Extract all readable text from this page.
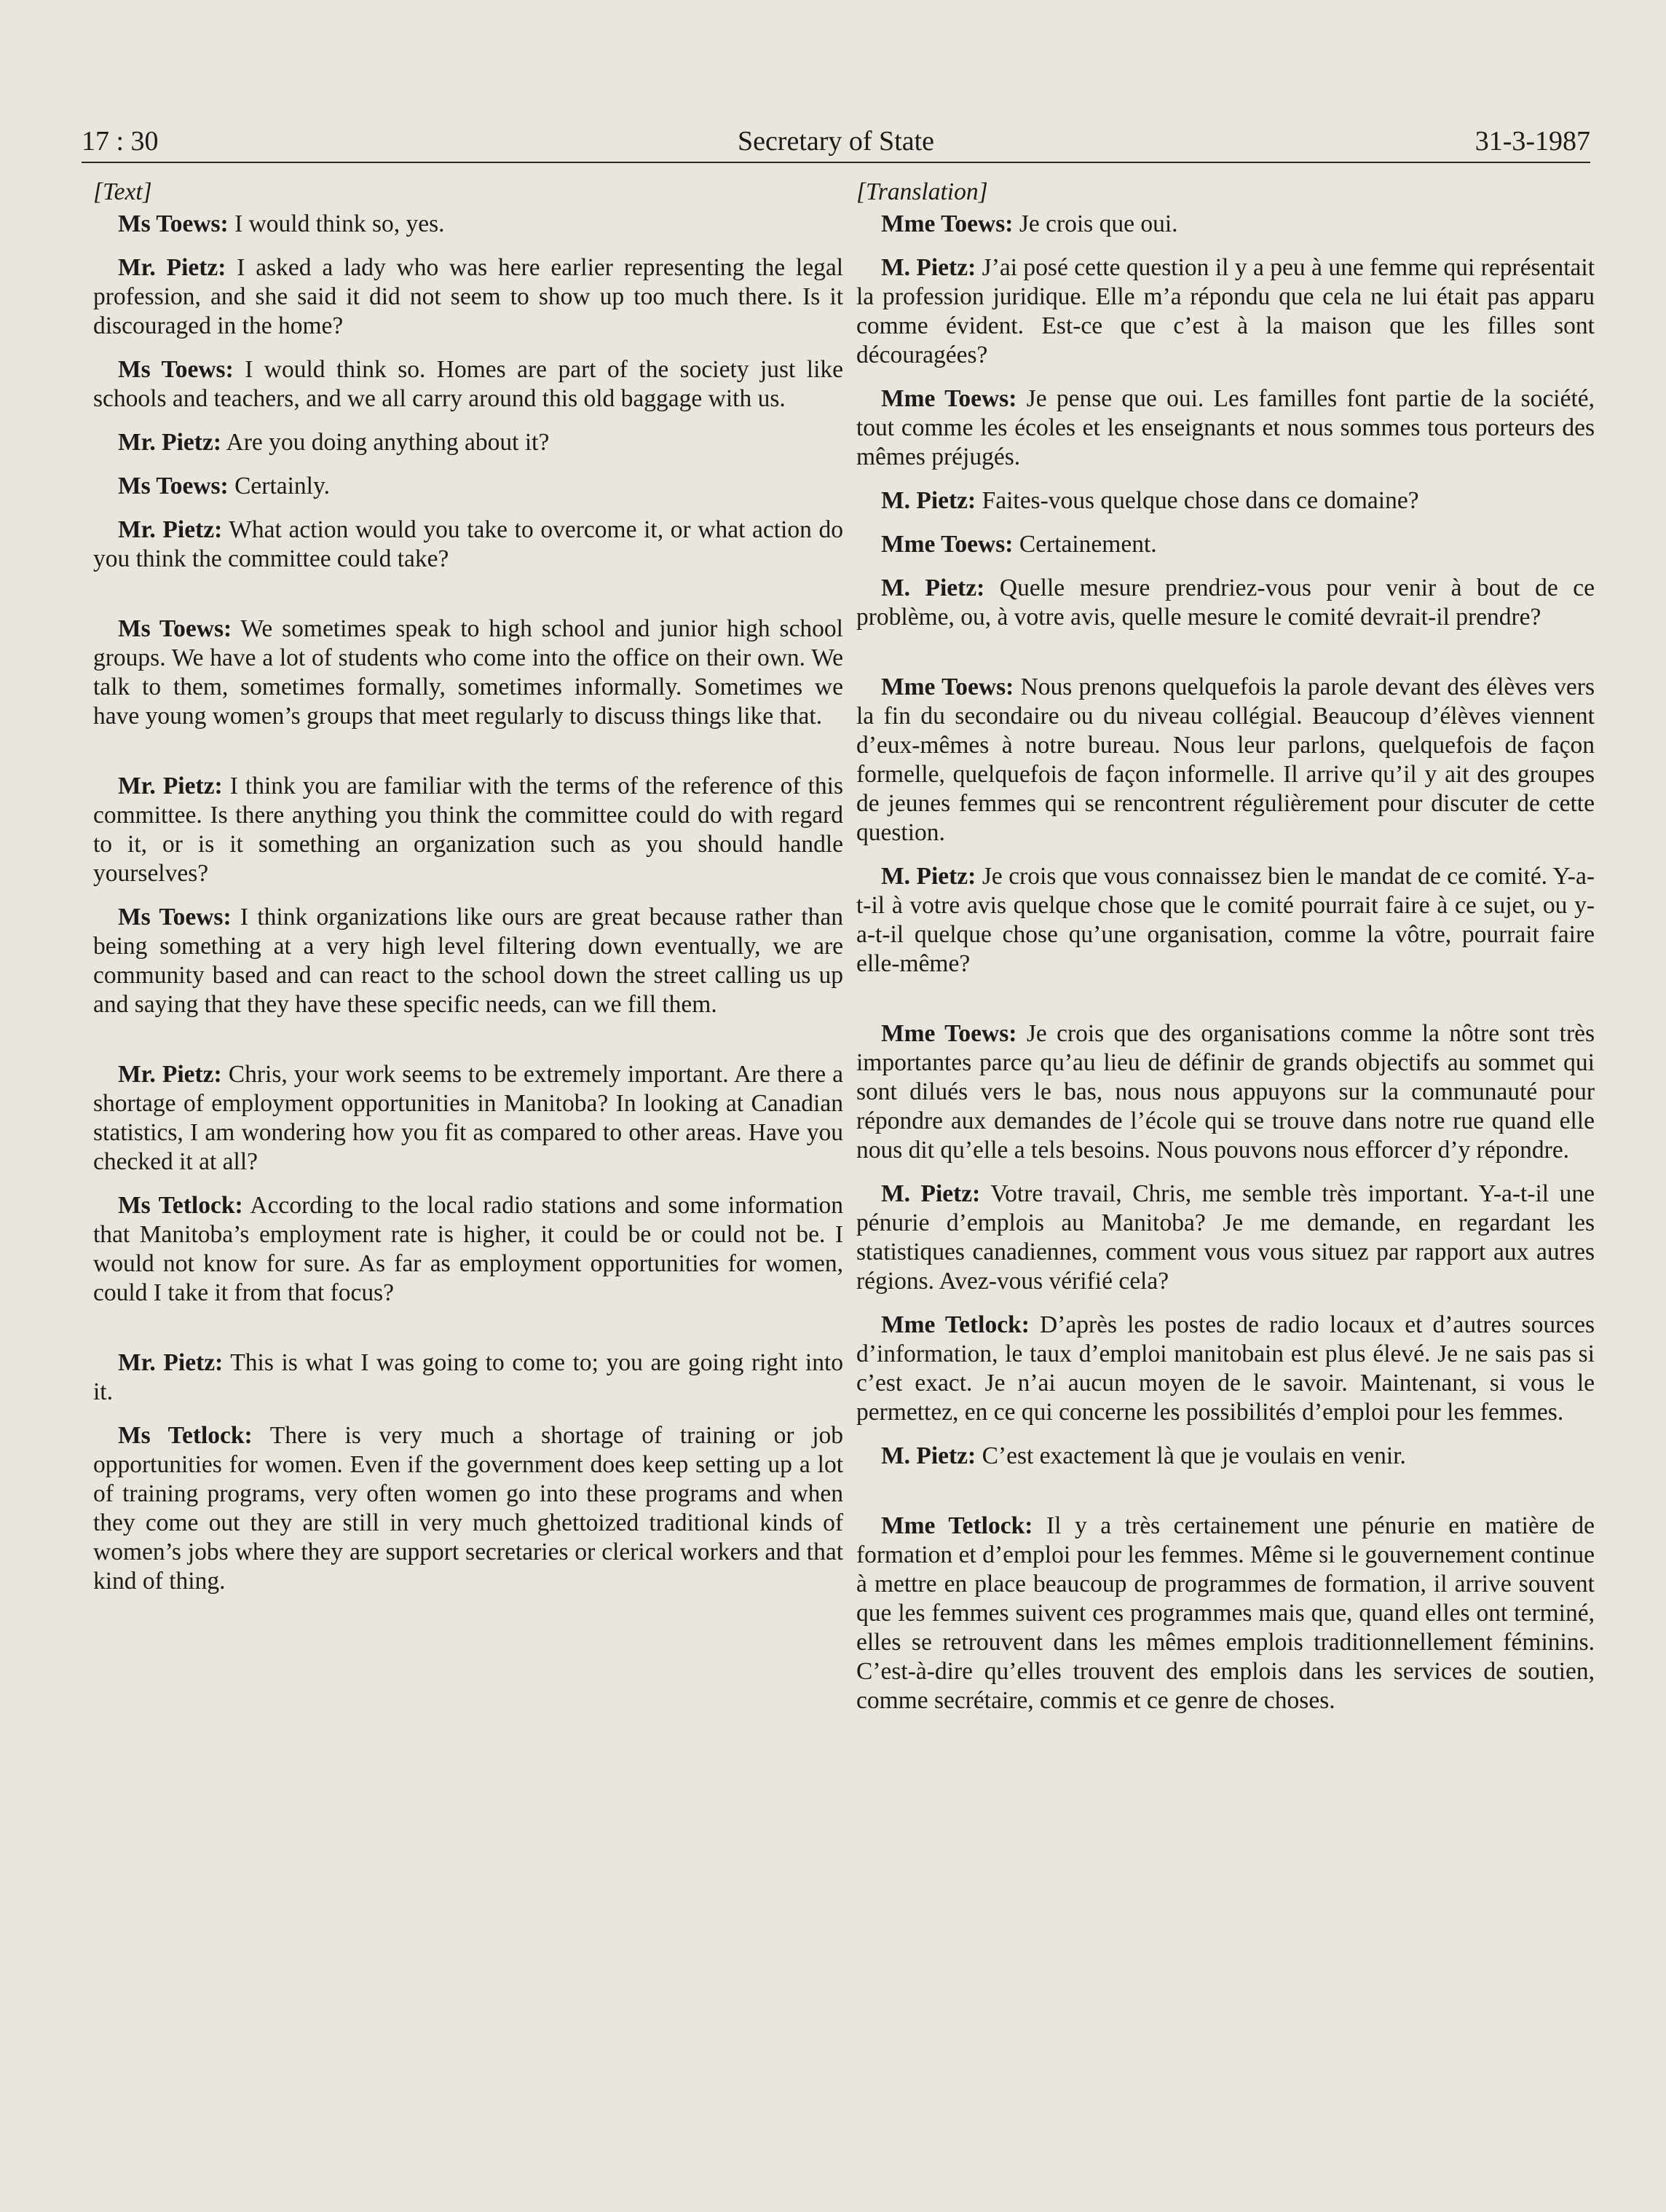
17 : 30	Secretary of State	31-3-1987
[Text]

Ms Toews: I would think so, yes.

Mr. Pietz: I asked a lady who was here earlier representing the legal profession, and she said it did not seem to show up too much there. Is it discouraged in the home?

Ms Toews: I would think so. Homes are part of the society just like schools and teachers, and we all carry around this old baggage with us.

Mr. Pietz: Are you doing anything about it?

Ms Toews: Certainly.

Mr. Pietz: What action would you take to overcome it, or what action do you think the committee could take?

Ms Toews: We sometimes speak to high school and junior high school groups. We have a lot of students who come into the office on their own. We talk to them, sometimes formally, sometimes informally. Sometimes we have young women’s groups that meet regularly to discuss things like that.

Mr. Pietz: I think you are familiar with the terms of the reference of this committee. Is there anything you think the committee could do with regard to it, or is it something an organization such as you should handle yourselves?

Ms Toews: I think organizations like ours are great because rather than being something at a very high level filtering down eventually, we are community based and can react to the school down the street calling us up and saying that they have these specific needs, can we fill them.

Mr. Pietz: Chris, your work seems to be extremely important. Are there a shortage of employment opportunities in Manitoba? In looking at Canadian statistics, I am wondering how you fit as compared to other areas. Have you checked it at all?

Ms Tetlock: According to the local radio stations and some information that Manitoba’s employment rate is higher, it could be or could not be. I would not know for sure. As far as employment opportunities for women, could I take it from that focus?

Mr. Pietz: This is what I was going to come to; you are going right into it.

Ms Tetlock: There is very much a shortage of training or job opportunities for women. Even if the government does keep setting up a lot of training programs, very often women go into these programs and when they come out they are still in very much ghettoized traditional kinds of women’s jobs where they are support secretaries or clerical workers and that kind of thing.

[Translation]

Mme Toews: Je crois que oui.

M. Pietz: J’ai posé cette question il y a peu à une femme qui représentait la profession juridique. Elle m’a répondu que cela ne lui était pas apparu comme évident. Est-ce que c’est à la maison que les filles sont découragées?

Mme Toews: Je pense que oui. Les familles font partie de la société, tout comme les écoles et les enseignants et nous sommes tous porteurs des mêmes préjugés.

M. Pietz: Faites-vous quelque chose dans ce domaine?

Mme Toews: Certainement.

M. Pietz: Quelle mesure prendriez-vous pour venir à bout de ce problème, ou, à votre avis, quelle mesure le comité devrait-il prendre?

Mme Toews: Nous prenons quelquefois la parole devant des élèves vers la fin du secondaire ou du niveau collégial. Beaucoup d’élèves viennent d’eux-mêmes à notre bureau. Nous leur parlons, quelquefois de façon formelle, quelquefois de façon informelle. Il arrive qu’il y ait des groupes de jeunes femmes qui se rencontrent régulièrement pour discuter de cette question.

M. Pietz: Je crois que vous connaissez bien le mandat de ce comité. Y-a-t-il à votre avis quelque chose que le comité pourrait faire à ce sujet, ou y-a-t-il quelque chose qu’une organisation, comme la vôtre, pourrait faire elle-même?

Mme Toews: Je crois que des organisations comme la nôtre sont très importantes parce qu’au lieu de définir de grands objectifs au sommet qui sont dilués vers le bas, nous nous appuyons sur la communauté pour répondre aux demandes de l’école qui se trouve dans notre rue quand elle nous dit qu’elle a tels besoins. Nous pouvons nous efforcer d’y répondre.

M. Pietz: Votre travail, Chris, me semble très important. Y-a-t-il une pénurie d’emplois au Manitoba? Je me demande, en regardant les statistiques canadiennes, comment vous vous situez par rapport aux autres régions. Avez-vous vérifié cela?

Mme Tetlock: D’après les postes de radio locaux et d’autres sources d’information, le taux d’emploi manitobain est plus élevé. Je ne sais pas si c’est exact. Je n’ai aucun moyen de le savoir. Maintenant, si vous le permettez, en ce qui concerne les possibilités d’emploi pour les femmes.

M. Pietz: C’est exactement là que je voulais en venir.

Mme Tetlock: Il y a très certainement une pénurie en matière de formation et d’emploi pour les femmes. Même si le gouvernement continue à mettre en place beaucoup de programmes de formation, il arrive souvent que les femmes suivent ces programmes mais que, quand elles ont terminé, elles se retrouvent dans les mêmes emplois traditionnellement féminins. C’est-à-dire qu’elles trouvent des emplois dans les services de soutien, comme secrétaire, commis et ce genre de choses.
